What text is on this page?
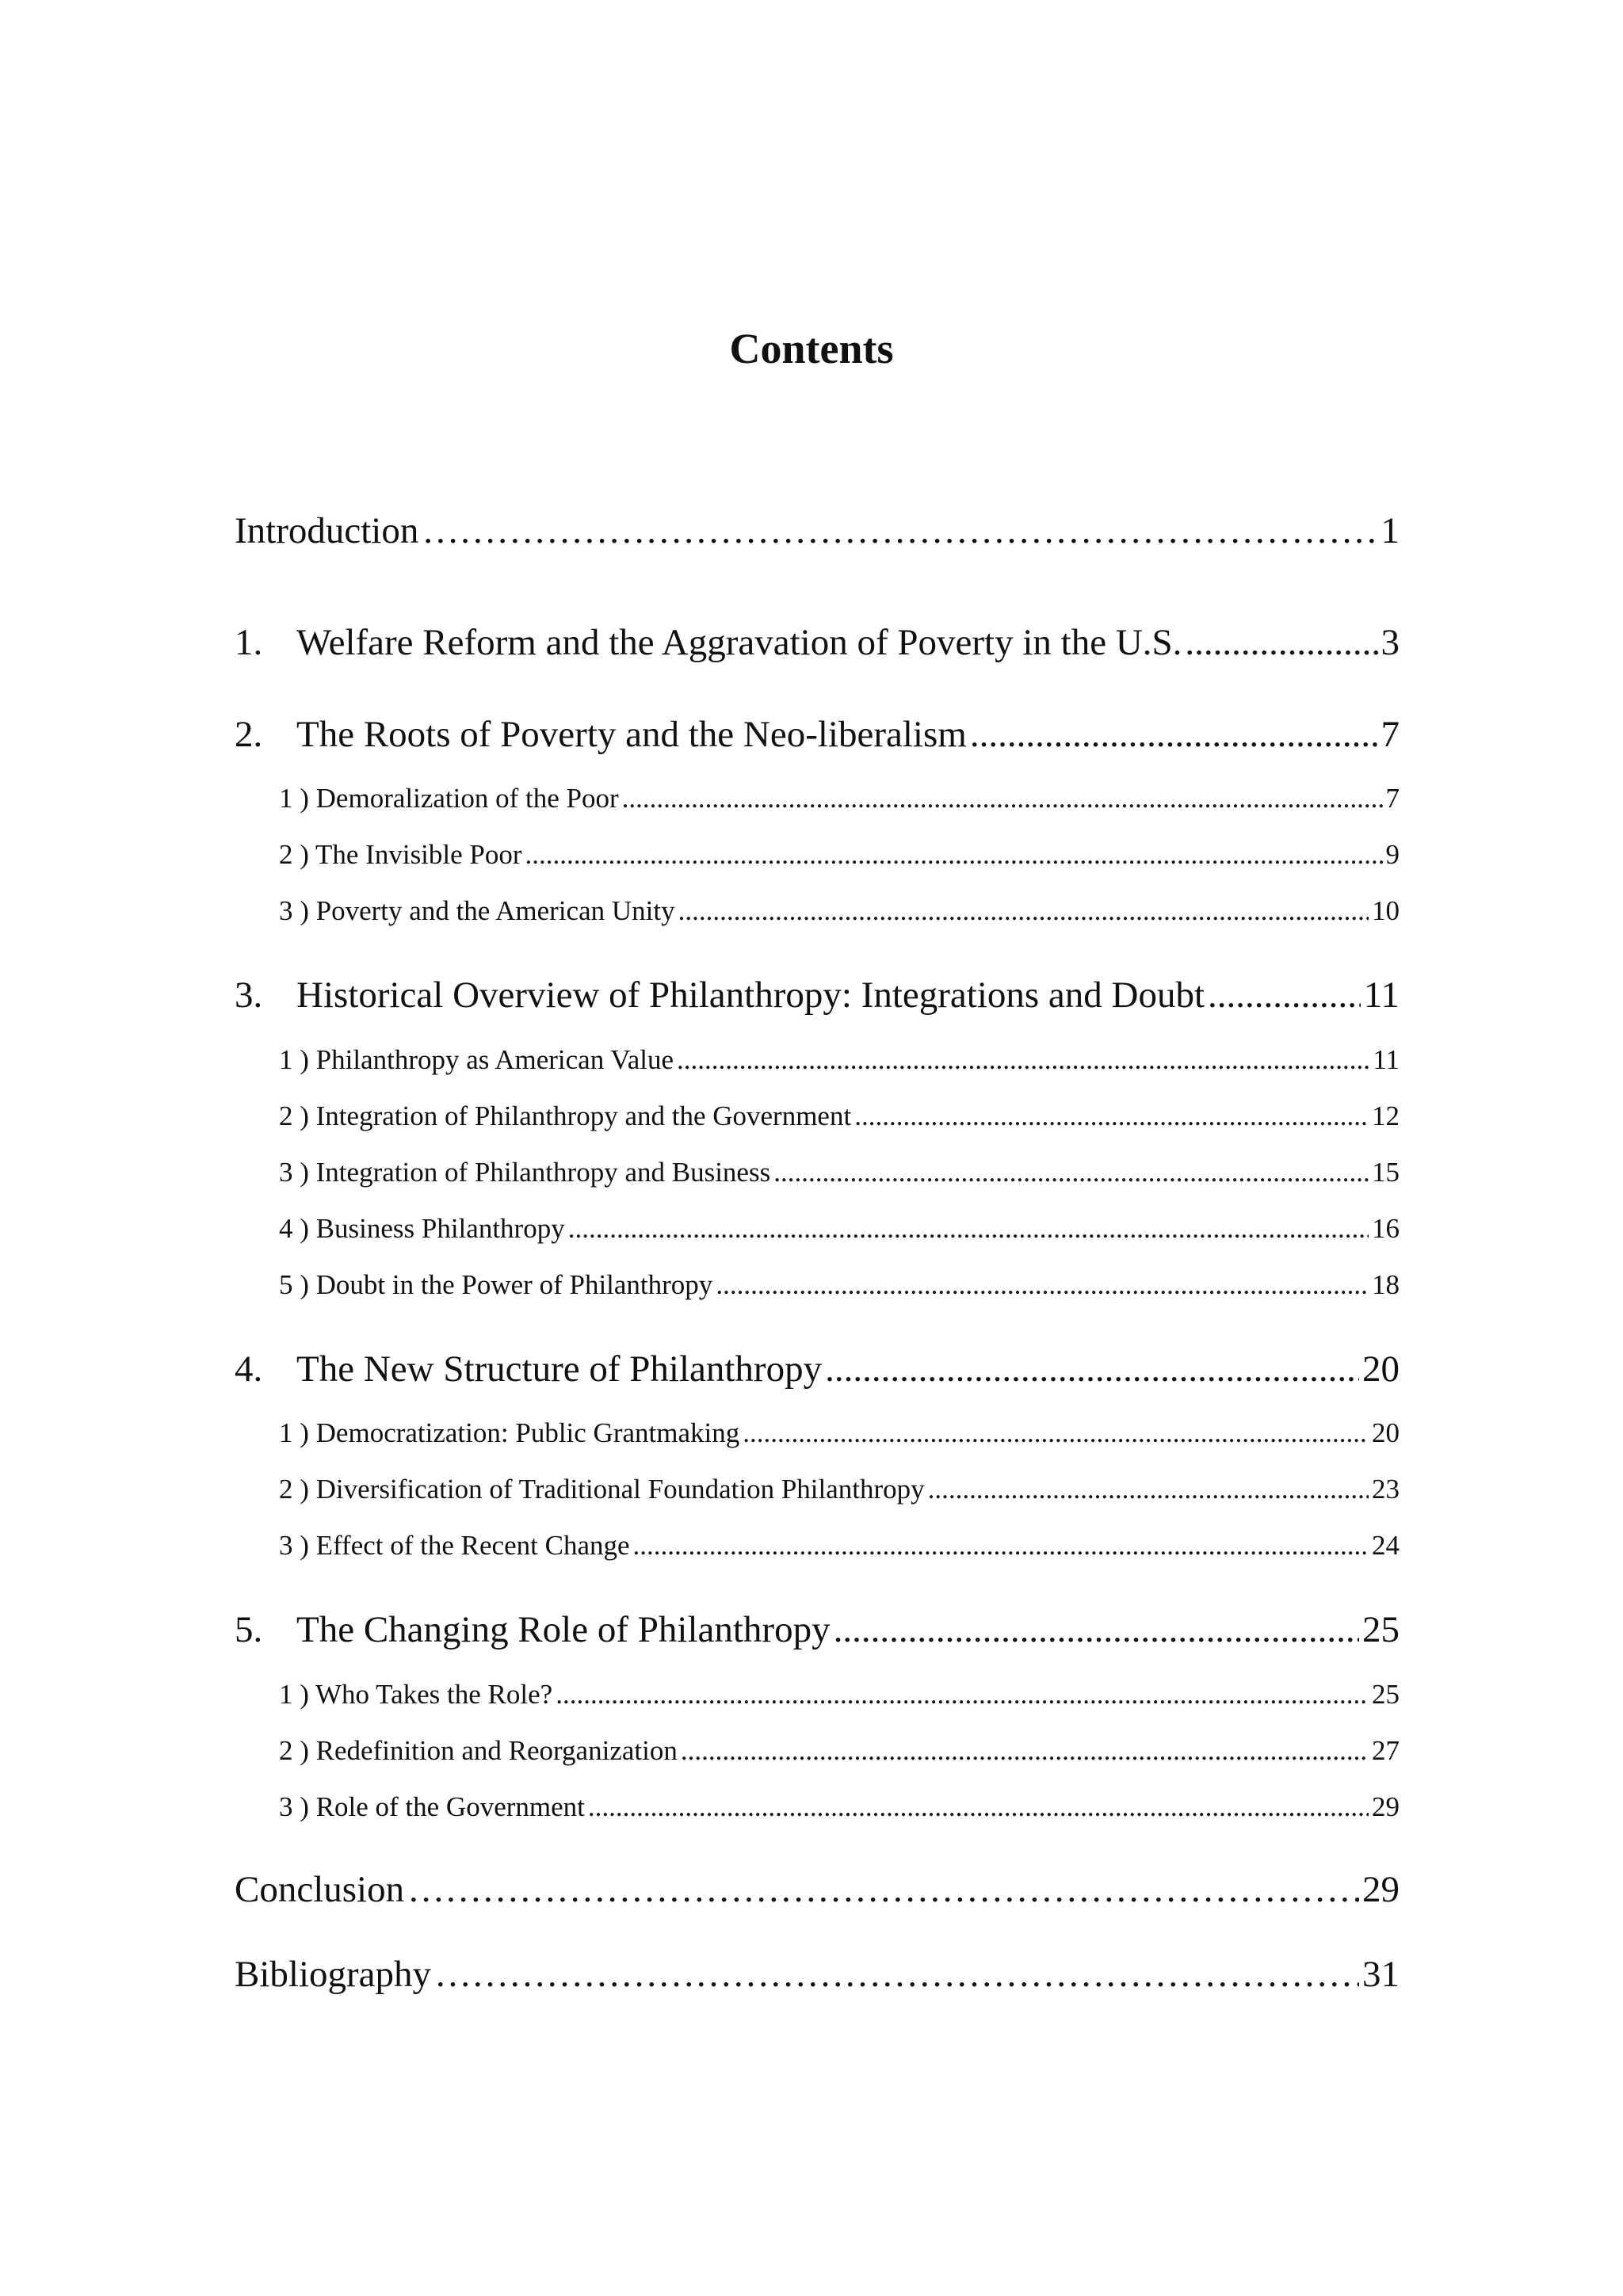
Contents
Introduction …………………………………………………………………………………………………………………………………………………………………………………………………………………………	1
1. Welfare Reform and the Aggravation of Poverty in the U.S. .....	3
2. The Roots of Poverty and the Neo-liberalism .....	7
1 ) Demoralization of the Poor .....	7
2 ) The Invisible Poor .....	9
3 ) Poverty and the American Unity .....	10
3. Historical Overview of Philanthropy: Integrations and Doubt .....	11
1 ) Philanthropy as American Value .....	11
2 ) Integration of Philanthropy and the Government .....	12
3 ) Integration of Philanthropy and Business .....	15
4 ) Business Philanthropy .....	16
5 ) Doubt in the Power of Philanthropy .....	18
4. The New Structure of Philanthropy .....	20
1 ) Democratization: Public Grantmaking .....	20
2 ) Diversification of Traditional Foundation Philanthropy .....	23
3 ) Effect of the Recent Change .....	24
5. The Changing Role of Philanthropy .....	25
1 ) Who Takes the Role? .....	25
2 ) Redefinition and Reorganization .....	27
3 ) Role of the Government .....	29
Conclusion …………………………………………………………………………………………………………………………………………………………………………………………………………………………	29
Bibliography …………………………………………………………………………………………………………………………………………………………………………………………………………………………	31
